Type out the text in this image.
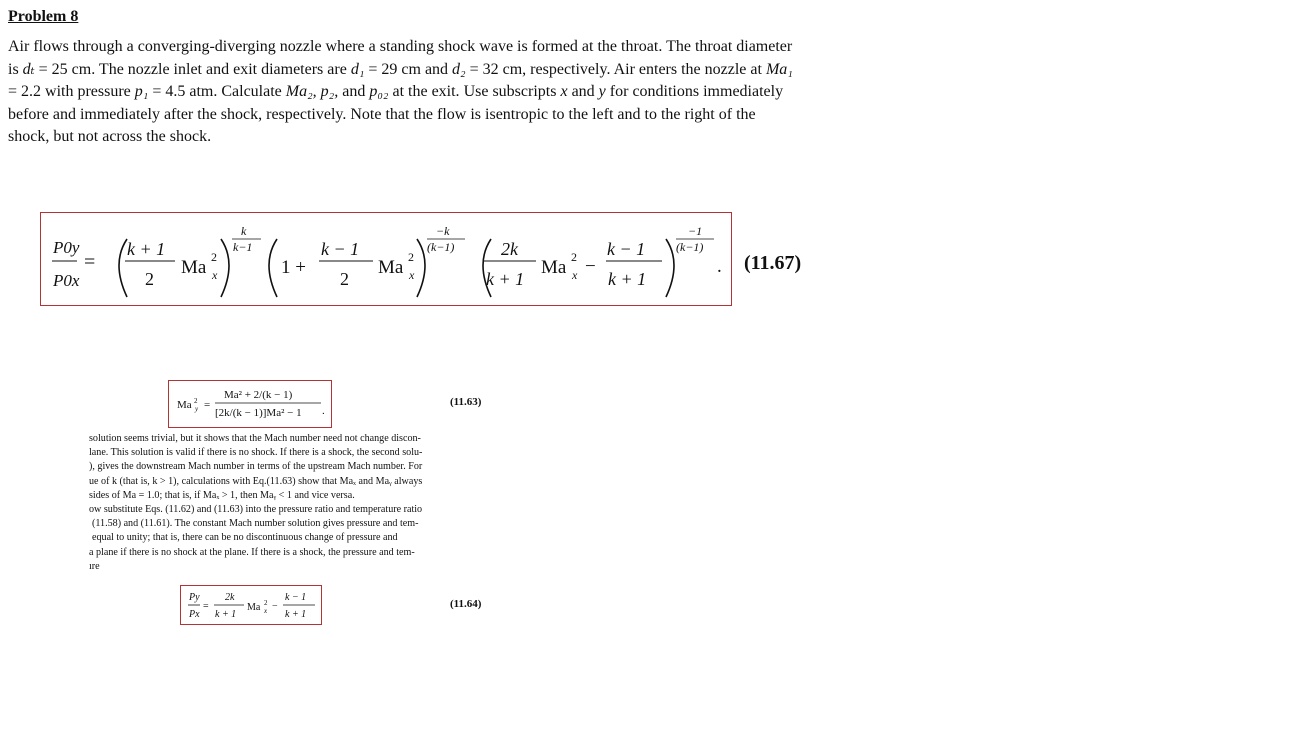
Problem 8
Air flows through a converging-diverging nozzle where a standing shock wave is formed at the throat. The throat diameter is dₜ = 25 cm. The nozzle inlet and exit diameters are d₁ = 29 cm and d₂ = 32 cm, respectively. Air enters the nozzle at Ma₁ = 2.2 with pressure p₁ = 4.5 atm. Calculate Ma₂, p₂, and p₀₂ at the exit. Use subscripts x and y for conditions immediately before and immediately after the shock, respectively. Note that the flow is isentropic to the left and to the right of the shock, but not across the shock.
P0y
P0x
=
k + 1
2
Ma 2
x
k
k−1
1 +
k − 1
2
Ma 2
x
−k
(k−1)	2k
k + 1
Ma 2
x −
k − 1
k + 1
−1
(k−1)
. (11.67)
Ma 2
y =
Ma² + 2/(k − 1)
[2k/(k − 1)]Ma² − 1 .
(11.63)

solution seems trivial, but it shows that the Mach number need not change discon-

lane. This solution is valid if there is no shock. If there is a shock, the second solu-

), gives the downstream Mach number in terms of the upstream Mach number. For

ue of k (that is, k > 1), calculations with Eq.(11.63) show that Maₓ and Maᵧ always

sides of Ma = 1.0; that is, if Maₓ > 1, then Maᵧ < 1 and vice versa.

ow substitute Eqs. (11.62) and (11.63) into the pressure ratio and temperature ratio

(11.58) and (11.61). The constant Mach number solution gives pressure and tem-

equal to unity; that is, there can be no discontinuous change of pressure and

a plane if there is no shock at the plane. If there is a shock, the pressure and tem-

ıre

Py
Px
=
2k
k + 1
Ma 2
x −
k − 1
k + 1
(11.64)
